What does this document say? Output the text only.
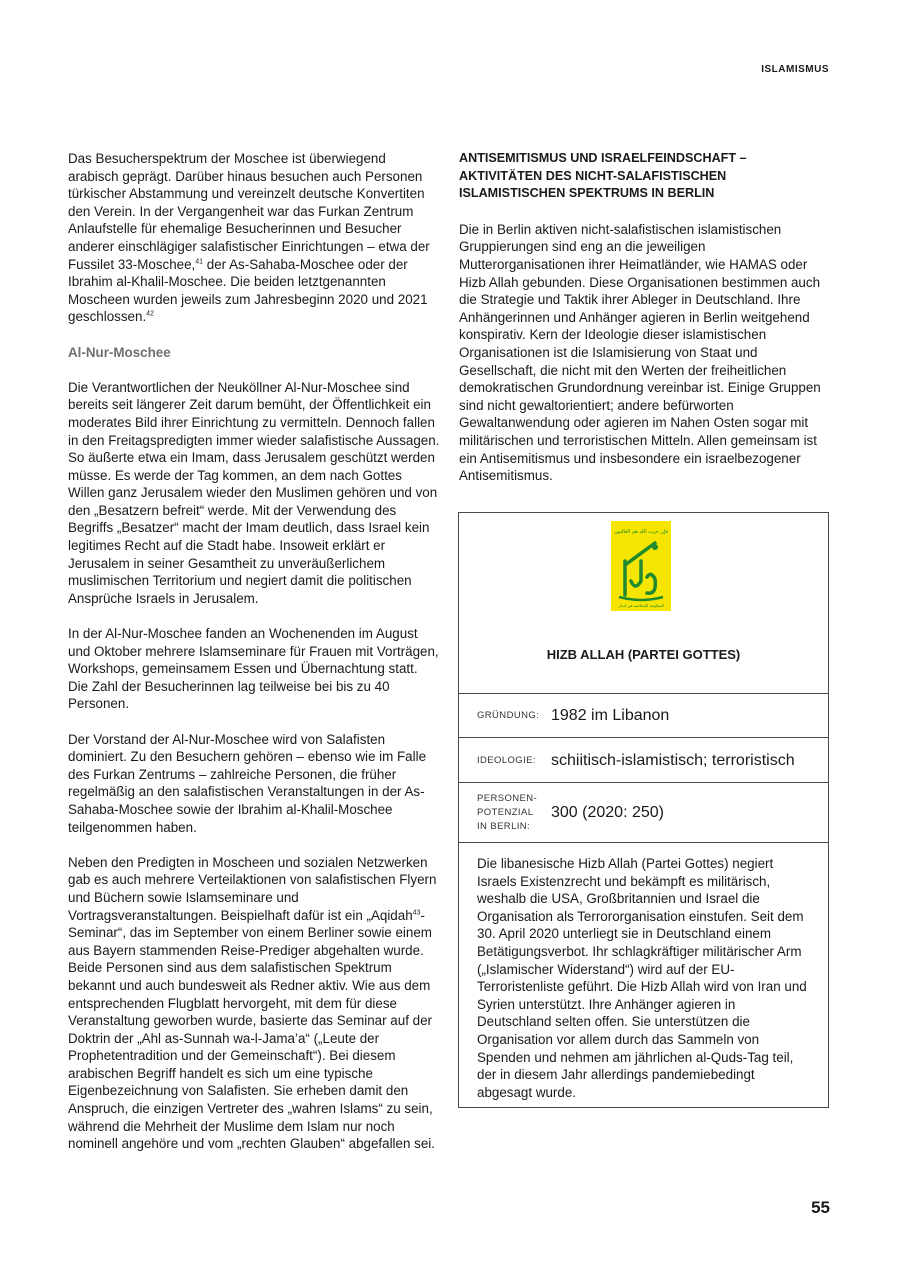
ISLAMISMUS

Das Besucherspektrum der Moschee ist überwiegend arabisch geprägt. Darüber hinaus besuchen auch Personen türkischer Abstammung und vereinzelt deutsche Konvertiten den Verein. In der Vergangenheit war das Furkan Zentrum Anlaufstelle für ehemalige Besucherinnen und Besucher anderer einschlägiger salafistischer Einrichtungen – etwa der Fussilet 33-Moschee,$^{41}$ der As-Sahaba-Moschee oder der Ibrahim al-Khalil-Moschee. Die beiden letztgenannten Moscheen wurden jeweils zum Jahresbeginn 2020 und 2021 geschlossen.$^{42}$

Al-Nur-Moschee

Die Verantwortlichen der Neuköllner Al-Nur-Moschee sind bereits seit längerer Zeit darum bemüht, der Öffentlichkeit ein moderates Bild ihrer Einrichtung zu vermitteln. Dennoch fallen in den Freitagspredigten immer wieder salafistische Aussagen. So äußerte etwa ein Imam, dass Jerusalem geschützt werden müsse. Es werde der Tag kommen, an dem nach Gottes Willen ganz Jerusalem wieder den Muslimen gehören und von den „Besatzern befreit“ werde. Mit der Verwendung des Begriffs „Besatzer“ macht der Imam deutlich, dass Israel kein legitimes Recht auf die Stadt habe. Insoweit erklärt er Jerusalem in seiner Gesamtheit zu unveräußerlichem muslimischen Territorium und negiert damit die politischen Ansprüche Israels in Jerusalem.

In der Al-Nur-Moschee fanden an Wochenenden im August und Oktober mehrere Islamseminare für Frauen mit Vorträgen, Workshops, gemeinsamem Essen und Übernachtung statt. Die Zahl der Besucherinnen lag teilweise bei bis zu 40 Personen.

Der Vorstand der Al-Nur-Moschee wird von Salafisten dominiert. Zu den Besuchern gehören – ebenso wie im Falle des Furkan Zentrums – zahlreiche Personen, die früher regelmäßig an den salafistischen Veranstaltungen in der As-Sahaba-Moschee sowie der Ibrahim al-Khalil-Moschee teilgenommen haben.

Neben den Predigten in Moscheen und sozialen Netzwerken gab es auch mehrere Verteilaktionen von salafistischen Flyern und Büchern sowie Islamseminare und Vortragsveranstaltungen. Beispielhaft dafür ist ein „Aqidah$^{43}$-Seminar“, das im September von einem Berliner sowie einem aus Bayern stammenden Reise-Prediger abgehalten wurde. Beide Personen sind aus dem salafistischen Spektrum bekannt und auch bundesweit als Redner aktiv. Wie aus dem entsprechenden Flugblatt hervorgeht, mit dem für diese Veranstaltung geworben wurde, basierte das Seminar auf der Doktrin der „Ahl as-Sunnah wa-l-Jama’a“ („Leute der Prophetentradition und der Gemeinschaft“). Bei diesem arabischen Begriff handelt es sich um eine typische Eigenbezeichnung von Salafisten. Sie erheben damit den Anspruch, die einzigen Vertreter des „wahren Islams“ zu sein, während die Mehrheit der Muslime dem Islam nur noch nominell angehöre und vom „rechten Glauben“ abgefallen sei.

ANTISEMITISMUS UND ISRAELFEINDSCHAFT – AKTIVITÄTEN DES NICHT-SALAFISTISCHEN ISLAMISTISCHEN SPEKTRUMS IN BERLIN

Die in Berlin aktiven nicht-salafistischen islamistischen Gruppierungen sind eng an die jeweiligen Mutterorganisationen ihrer Heimatländer, wie HAMAS oder Hizb Allah gebunden. Diese Organisationen bestimmen auch die Strategie und Taktik ihrer Ableger in Deutschland. Ihre Anhängerinnen und Anhänger agieren in Berlin weitgehend konspirativ. Kern der Ideologie dieser islamistischen Organisationen ist die Islamisierung von Staat und Gesellschaft, die nicht mit den Werten der freiheitlichen demokratischen Grundordnung vereinbar ist. Einige Gruppen sind nicht gewaltorientiert; andere befürworten Gewaltanwendung oder agieren im Nahen Osten sogar mit militärischen und terroristischen Mitteln. Allen gemeinsam ist ein Antisemitismus und insbesondere ein israelbezogener Antisemitismus.

فإن حزب الله هم الغالبون
المقاومة الإسلامية في لبنان
HIZB ALLAH (PARTEI GOTTES)
GRÜNDUNG: 1982 im Libanon
IDEOLOGIE: schiitisch-islamistisch; terroristisch
PERSONEN-
POTENZIAL
IN BERLIN:
300 (2020: 250)
Die libanesische Hizb Allah (Partei Gottes) negiert Israels Existenzrecht und bekämpft es militärisch, weshalb die USA, Großbritannien und Israel die Organisation als Terrororganisation einstufen. Seit dem 30. April 2020 unterliegt sie in Deutschland einem Betätigungsverbot. Ihr schlagkräftiger militärischer Arm („Islamischer Widerstand“) wird auf der EU-Terroristenliste geführt. Die Hizb Allah wird von Iran und Syrien unterstützt. Ihre Anhänger agieren in Deutschland selten offen. Sie unterstützen die Organisation vor allem durch das Sammeln von Spenden und nehmen am jährlichen al-Quds-Tag teil, der in diesem Jahr allerdings pandemiebedingt abgesagt wurde.
55
